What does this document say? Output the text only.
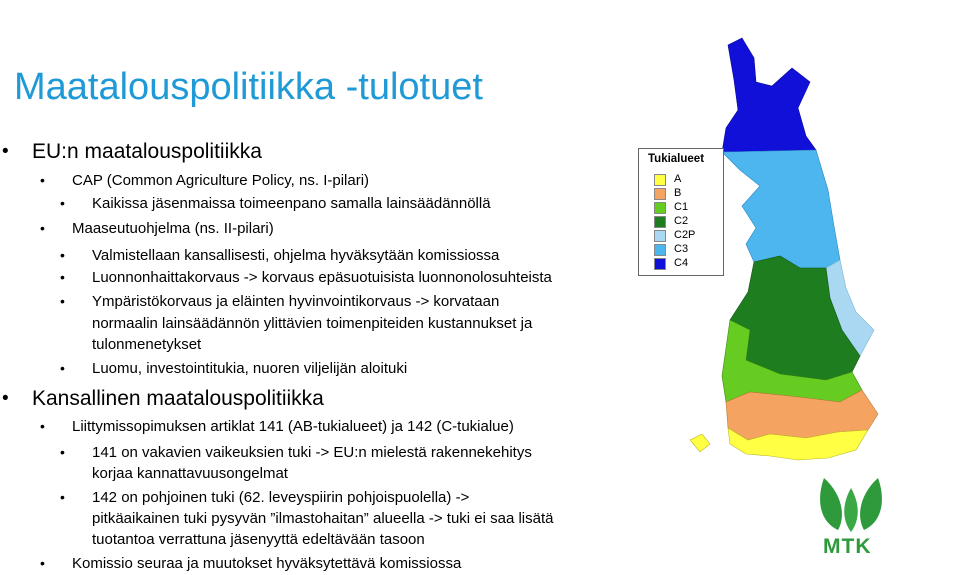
Maatalouspolitiikka -tulotuet
• EU:n maatalouspolitiikka
• CAP (Common Agriculture Policy, ns. I-pilari)
• Kaikissa jäsenmaissa toimeenpano samalla lainsäädännöllä
• Maaseutuohjelma (ns. II-pilari)
• Valmistellaan kansallisesti, ohjelma hyväksytään komissiossa
• Luonnonhaittakorvaus -> korvaus epäsuotuisista luonnonolosuhteista
• Ympäristökorvaus ja eläinten hyvinvointikorvaus -> korvataan
normaalin lainsäädännön ylittävien toimenpiteiden kustannukset ja
tulonmenetykset
• Luomu, investointitukia, nuoren viljelijän aloituki
• Kansallinen maatalouspolitiikka
• Liittymissopimuksen artiklat 141 (AB-tukialueet) ja 142 (C-tukialue)
• 141 on vakavien vaikeuksien tuki -> EU:n mielestä rakennekehitys
korjaa kannattavuusongelmat
• 142 on pohjoinen tuki (62. leveyspiirin pohjoispuolella) ->
pitkäaikainen tuki pysyvän ”ilmastohaitan” alueella -> tuki ei saa lisätä
tuotantoa verrattuna jäsenyyttä edeltävään tasoon
• Komissio seuraa ja muutokset hyväksytettävä komissiossa
Tukialueet
A
B
C1
C2
C2P
C3
C4
MTK
